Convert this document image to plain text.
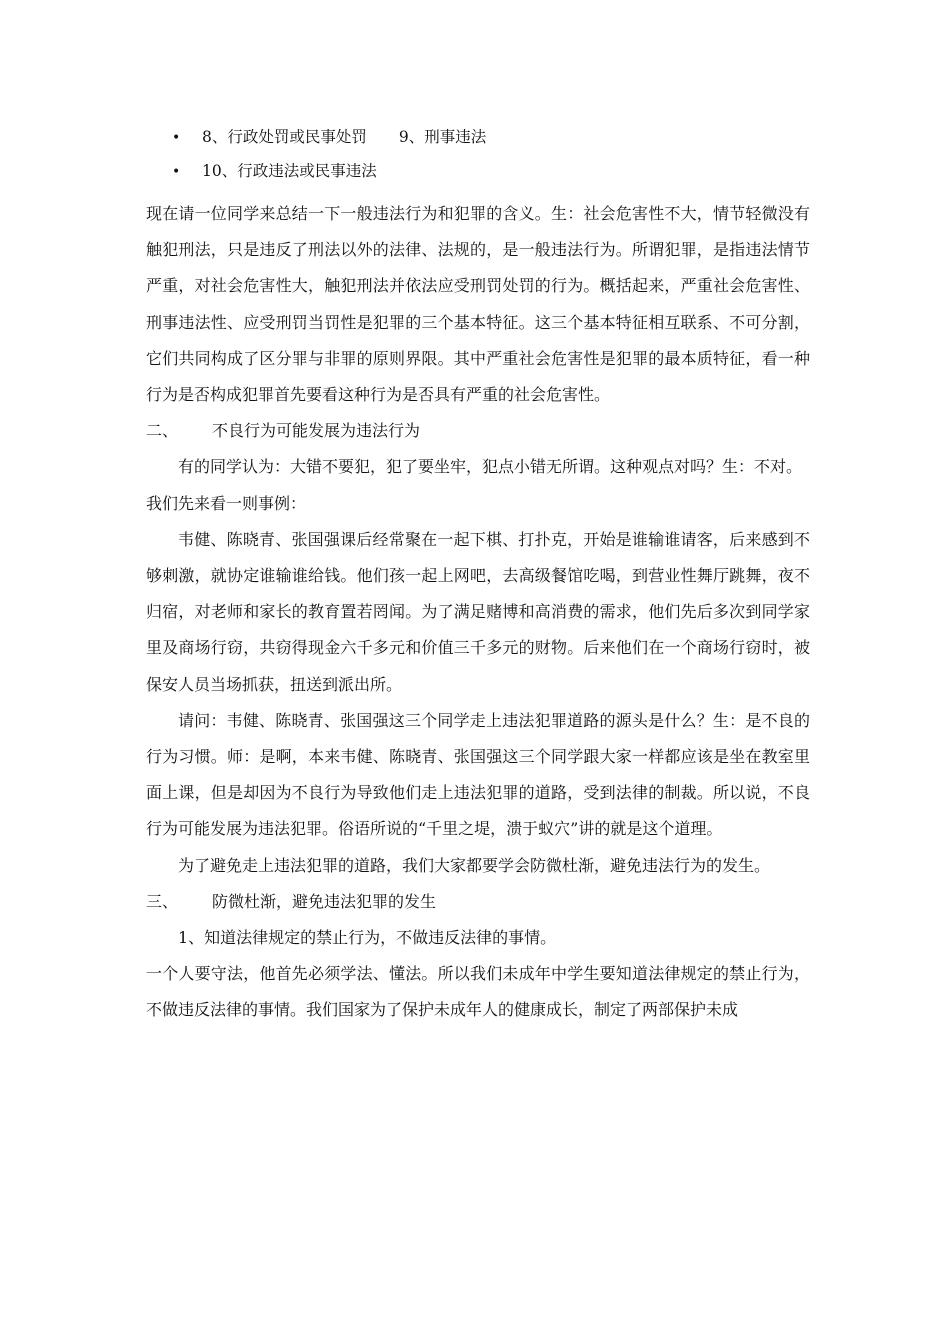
• 8、行政处罚或民事处罚 9、刑事违法
• 10、行政违法或民事违法

现在请一位同学来总结一下一般违法行为和犯罪的含义。生：社会危害性不大，情节轻微没有触犯刑法，只是违反了刑法以外的法律、法规的，是一般违法行为。所谓犯罪，是指违法情节严重，对社会危害性大，触犯刑法并依法应受刑罚处罚的行为。概括起来，严重社会危害性、刑事违法性、应受刑罚当罚性是犯罪的三个基本特征。这三个基本特征相互联系、不可分割，它们共同构成了区分罪与非罪的原则界限。其中严重社会危害性是犯罪的最本质特征，看一种行为是否构成犯罪首先要看这种行为是否具有严重的社会危害性。

二、 不良行为可能发展为违法行为

有的同学认为：大错不要犯，犯了要坐牢，犯点小错无所谓。这种观点对吗？生：不对。

我们先来看一则事例：

韦健、陈晓青、张国强课后经常聚在一起下棋、打扑克，开始是谁输谁请客，后来感到不够刺激，就协定谁输谁给钱。他们孩一起上网吧，去高级餐馆吃喝，到营业性舞厅跳舞，夜不归宿，对老师和家长的教育置若罔闻。为了满足赌博和高消费的需求，他们先后多次到同学家里及商场行窃，共窃得现金六千多元和价值三千多元的财物。后来他们在一个商场行窃时，被保安人员当场抓获，扭送到派出所。

请问：韦健、陈晓青、张国强这三个同学走上违法犯罪道路的源头是什么？生：是不良的行为习惯。师：是啊，本来韦健、陈晓青、张国强这三个同学跟大家一样都应该是坐在教室里面上课，但是却因为不良行为导致他们走上违法犯罪的道路，受到法律的制裁。所以说，不良行为可能发展为违法犯罪。俗语所说的“千里之堤，溃于蚁穴”讲的就是这个道理。

为了避免走上违法犯罪的道路，我们大家都要学会防微杜渐，避免违法行为的发生。

三、 防微杜渐，避免违法犯罪的发生

1、知道法律规定的禁止行为，不做违反法律的事情。

一个人要守法，他首先必须学法、懂法。所以我们未成年中学生要知道法律规定的禁止行为，不做违反法律的事情。我们国家为了保护未成年人的健康成长，制定了两部保护未成
